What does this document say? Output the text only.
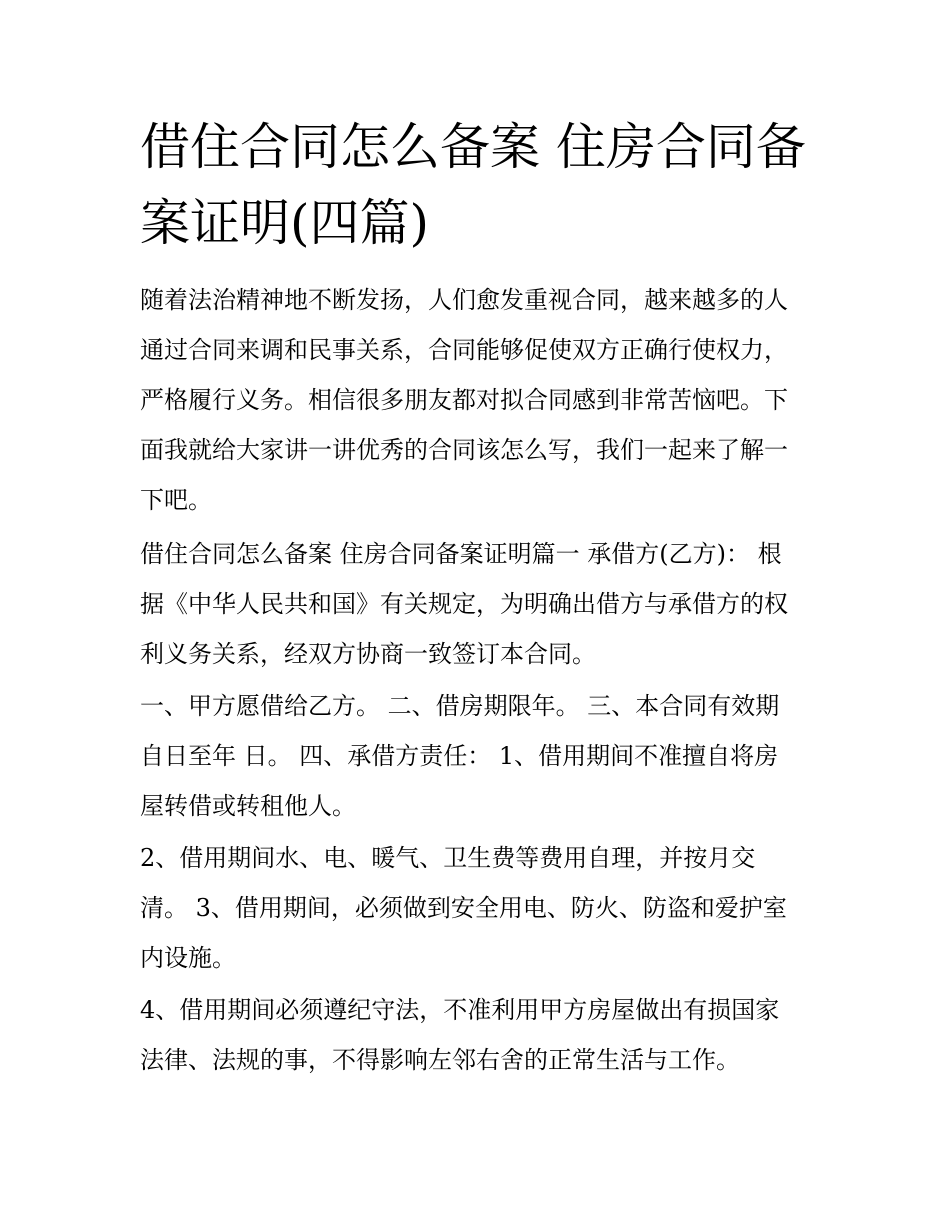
借住合同怎么备案 住房合同备
案证明(四篇)

随着法治精神地不断发扬，人们愈发重视合同，越来越多的人

通过合同来调和民事关系，合同能够促使双方正确行使权力，

严格履行义务。相信很多朋友都对拟合同感到非常苦恼吧。下

面我就给大家讲一讲优秀的合同该怎么写，我们一起来了解一

下吧。

借住合同怎么备案 住房合同备案证明篇一 承借方(乙方)： 根

据《中华人民共和国》有关规定，为明确出借方与承借方的权

利义务关系，经双方协商一致签订本合同。

一、甲方愿借给乙方。 二、借房期限年。 三、本合同有效期

自日至年 日。 四、承借方责任： 1、借用期间不准擅自将房

屋转借或转租他人。

2、借用期间水、电、暖气、卫生费等费用自理，并按月交

清。 3、借用期间，必须做到安全用电、防火、防盗和爱护室

内设施。

4、借用期间必须遵纪守法，不准利用甲方房屋做出有损国家

法律、法规的事，不得影响左邻右舍的正常生活与工作。
